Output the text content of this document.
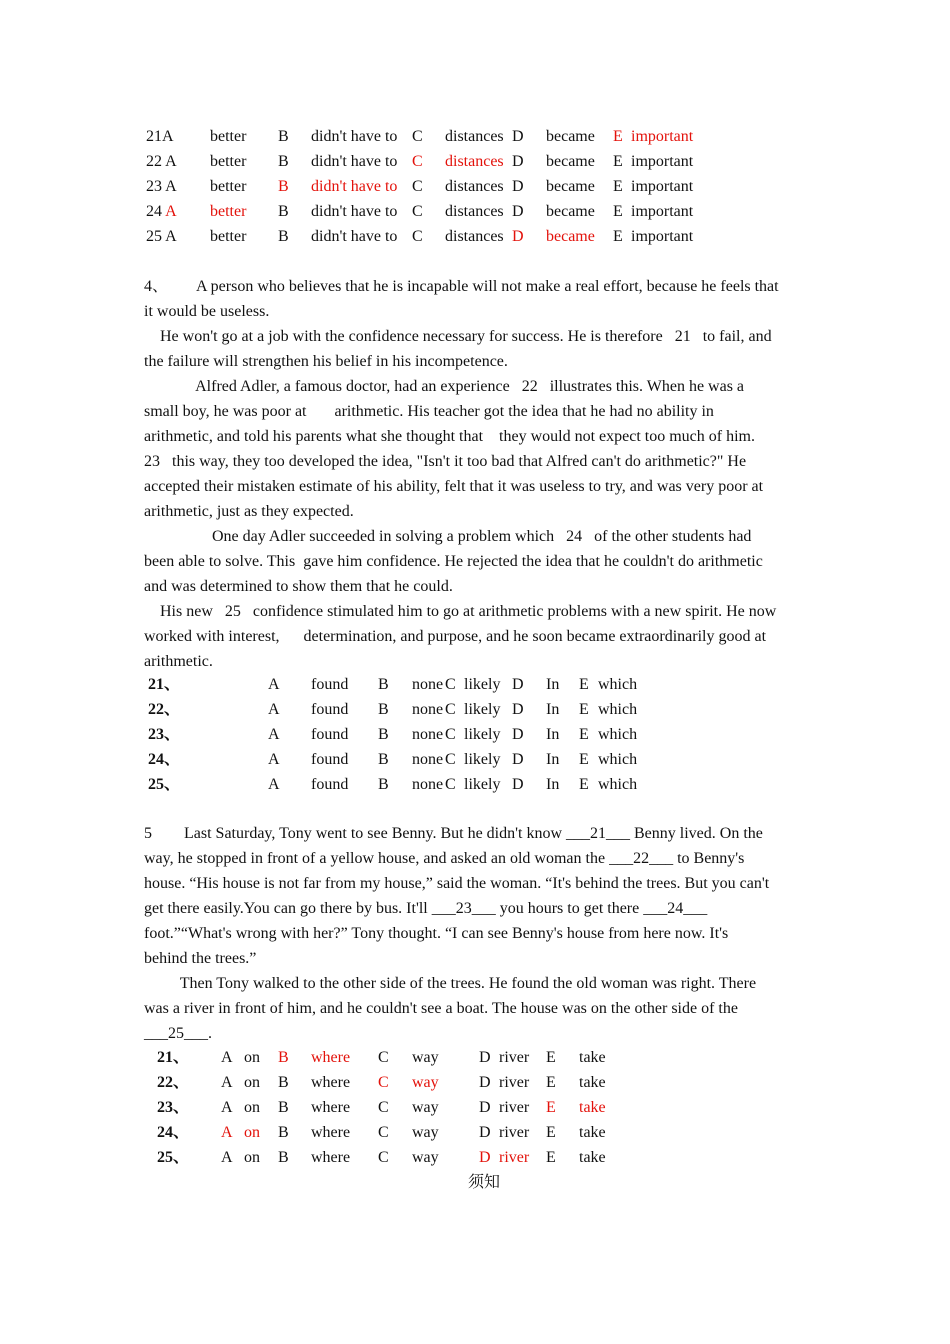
21A better B didn't have to C distances D became E important
22 A better B didn't have to C distances D became E important
23 A better B didn't have to C distances D became E important
24 A better B didn't have to C distances D became E important
25 A better B didn't have to C distances D became E important
4、       A person who believes that he is incapable will not make a real effort, because he feels that
it would be useless.
He won't go at a job with the confidence necessary for success. He is therefore   21   to fail, and
the failure will strengthen his belief in his incompetence.
Alfred Adler, a famous doctor, had an experience   22   illustrates this. When he was a
small boy, he was poor at       arithmetic. His teacher got the idea that he had no ability in
arithmetic, and told his parents what she thought that    they would not expect too much of him.
23   this way, they too developed the idea, "Isn't it too bad that Alfred can't do arithmetic?" He
accepted their mistaken estimate of his ability, felt that it was useless to try, and was very poor at
arithmetic, just as they expected.
One day Adler succeeded in solving a problem which   24   of the other students had
been able to solve. This  gave him confidence. He rejected the idea that he couldn't do arithmetic
and was determined to show them that he could.
His new   25   confidence stimulated him to go at arithmetic problems with a new spirit. He now
worked with interest,      determination, and purpose, and he soon became extraordinarily good at
arithmetic.
21、	A found B none C likely D In E which
22、	A found B none C likely D In E which
23、	A found B none C likely D In E which
24、	A found B none C likely D In E which
25、	A found B none C likely D In E which
5        Last Saturday, Tony went to see Benny. But he didn't know ___21___ Benny lived. On the
way, he stopped in front of a yellow house, and asked an old woman the ___22___ to Benny's
house. “His house is not far from my house,” said the woman. “It's behind the trees. But you can't
get there easily.You can go there by bus. It'll ___23___ you hours to get there ___24___
foot.”“What's wrong with her?” Tony thought. “I can see Benny's house from here now. It's
behind the trees.”
Then Tony walked to the other side of the trees. He found the old woman was right. There
was a river in front of him, and he couldn't see a boat. The house was on the other side of the
___25___.
21、 A on B where C way	D river E take
22、 A on B where C way	D river E take
23、 A on B where C way	D river E take
24、 A on B where C way	D river E take
25、 A on B where C way	D river E take
须知
